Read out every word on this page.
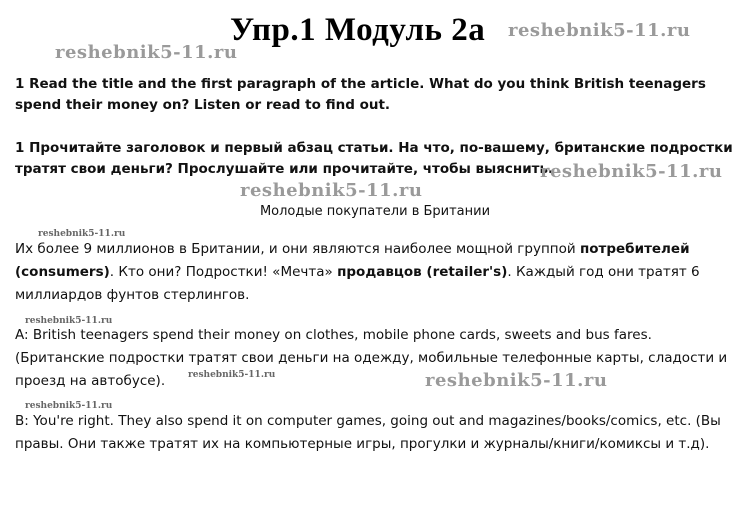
Упр.1 Модуль 2а reshebnik5-11.ru
reshebnik5-11.ru
1 Read the title and the first paragraph of the article. What do you think British teenagers spend their money on? Listen or read to find out.
1 Прочитайте заголовок и первый абзац статьи. На что, по-вашему, британские подростки тратят свои деньги? Прослушайте или прочитайте, чтобы выяснить.
reshebnik5-11.ru
reshebnik5-11.ru
Молодые покупатели в Британии
reshebnik5-11.ru
Их более 9 миллионов в Британии, и они являются наиболее мощной группой потребителей (consumers). Кто они? Подростки! «Мечта» продавцов (retailer's). Каждый год они тратят 6 миллиардов фунтов стерлингов.
reshebnik5-11.ru
A: British teenagers spend their money on clothes, mobile phone cards, sweets and bus fares. (Британские подростки тратят свои деньги на одежду, мобильные телефонные карты, сладости и проезд на автобусе).	reshebnik5-11.ru	reshebnik5-11.ru
reshebnik5-11.ru
B: You're right. They also spend it on computer games, going out and magazines/books/comics, etc. (Вы правы. Они также тратят их на компьютерные игры, прогулки и журналы/книги/комиксы и т.д).
